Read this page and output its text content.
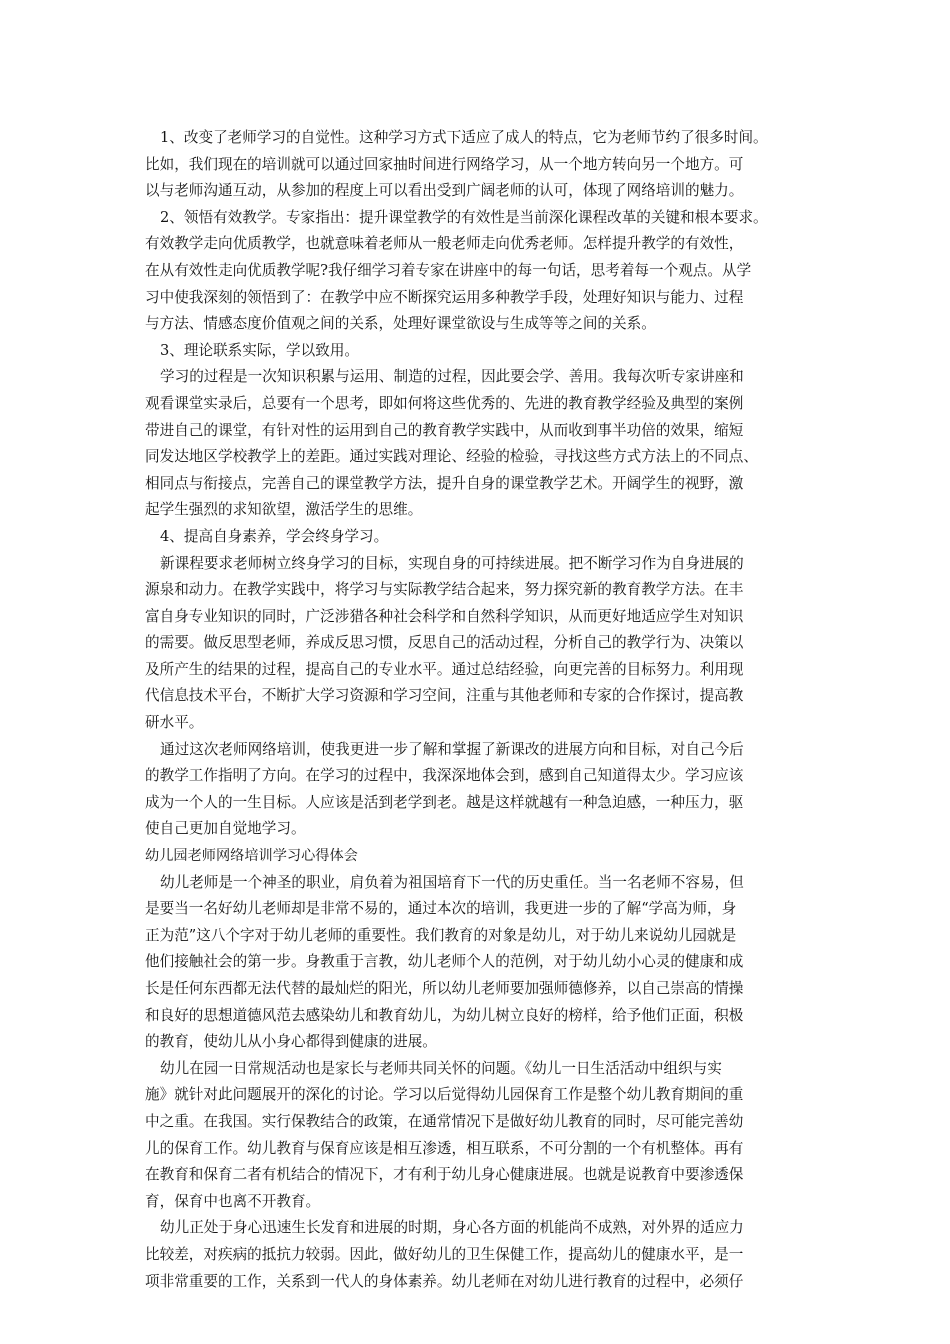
1、改变了老师学习的自觉性。这种学习方式下适应了成人的特点，它为老师节约了很多时间。
比如，我们现在的培训就可以通过回家抽时间进行网络学习，从一个地方转向另一个地方。可
以与老师沟通互动，从参加的程度上可以看出受到广阔老师的认可，体现了网络培训的魅力。
2、领悟有效教学。专家指出：提升课堂教学的有效性是当前深化课程改革的关键和根本要求。
有效教学走向优质教学，也就意味着老师从一般老师走向优秀老师。怎样提升教学的有效性，
在从有效性走向优质教学呢?我仔细学习着专家在讲座中的每一句话，思考着每一个观点。从学
习中使我深刻的领悟到了：在教学中应不断探究运用多种教学手段，处理好知识与能力、过程
与方法、情感态度价值观之间的关系，处理好课堂欲设与生成等等之间的关系。
3、理论联系实际，学以致用。
学习的过程是一次知识积累与运用、制造的过程，因此要会学、善用。我每次听专家讲座和
观看课堂实录后，总要有一个思考，即如何将这些优秀的、先进的教育教学经验及典型的案例
带进自己的课堂，有针对性的运用到自己的教育教学实践中，从而收到事半功倍的效果，缩短
同发达地区学校教学上的差距。通过实践对理论、经验的检验，寻找这些方式方法上的不同点、
相同点与衔接点，完善自己的课堂教学方法，提升自身的课堂教学艺术。开阔学生的视野，激
起学生强烈的求知欲望，激活学生的思维。
4、提高自身素养，学会终身学习。
新课程要求老师树立终身学习的目标，实现自身的可持续进展。把不断学习作为自身进展的
源泉和动力。在教学实践中，将学习与实际教学结合起来，努力探究新的教育教学方法。在丰
富自身专业知识的同时，广泛涉猎各种社会科学和自然科学知识，从而更好地适应学生对知识
的需要。做反思型老师，养成反思习惯，反思自己的活动过程，分析自己的教学行为、决策以
及所产生的结果的过程，提高自己的专业水平。通过总结经验，向更完善的目标努力。利用现
代信息技术平台，不断扩大学习资源和学习空间，注重与其他老师和专家的合作探讨，提高教
研水平。
通过这次老师网络培训，使我更进一步了解和掌握了新课改的进展方向和目标，对自己今后
的教学工作指明了方向。在学习的过程中，我深深地体会到，感到自己知道得太少。学习应该
成为一个人的一生目标。人应该是活到老学到老。越是这样就越有一种急迫感，一种压力，驱
使自己更加自觉地学习。
幼儿园老师网络培训学习心得体会
幼儿老师是一个神圣的职业，肩负着为祖国培育下一代的历史重任。当一名老师不容易，但
是要当一名好幼儿老师却是非常不易的，通过本次的培训，我更进一步的了解“学高为师，身
正为范”这八个字对于幼儿老师的重要性。我们教育的对象是幼儿，对于幼儿来说幼儿园就是
他们接触社会的第一步。身教重于言教，幼儿老师个人的范例，对于幼儿幼小心灵的健康和成
长是任何东西都无法代替的最灿烂的阳光，所以幼儿老师要加强师德修养，以自己崇高的情操
和良好的思想道德风范去感染幼儿和教育幼儿，为幼儿树立良好的榜样，给予他们正面，积极
的教育，使幼儿从小身心都得到健康的进展。
幼儿在园一日常规活动也是家长与老师共同关怀的问题。《幼儿一日生活活动中组织与实
施》就针对此问题展开的深化的讨论。学习以后觉得幼儿园保育工作是整个幼儿教育期间的重
中之重。在我国。实行保教结合的政策，在通常情况下是做好幼儿教育的同时，尽可能完善幼
儿的保育工作。幼儿教育与保育应该是相互渗透，相互联系，不可分割的一个有机整体。再有
在教育和保育二者有机结合的情况下，才有利于幼儿身心健康进展。也就是说教育中要渗透保
育，保育中也离不开教育。
幼儿正处于身心迅速生长发育和进展的时期，身心各方面的机能尚不成熟，对外界的适应力
比较差，对疾病的抵抗力较弱。因此，做好幼儿的卫生保健工作，提高幼儿的健康水平，是一
项非常重要的工作，关系到一代人的身体素养。幼儿老师在对幼儿进行教育的过程中，必须仔
